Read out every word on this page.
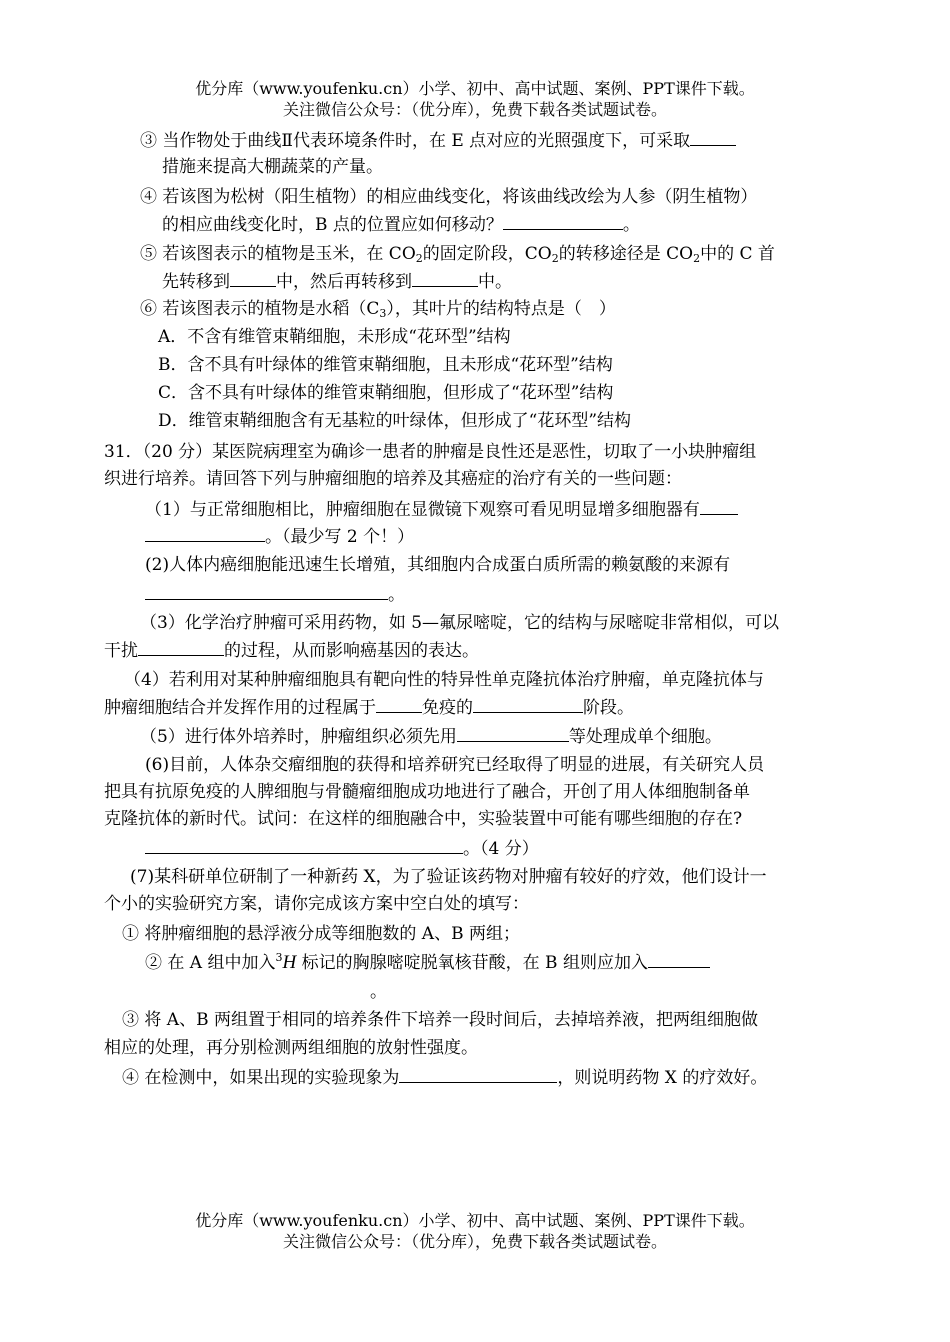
优分库（www.youfenku.cn）小学、初中、高中试题、案例、PPT课件下载。
关注微信公众号：（优分库），免费下载各类试题试卷。
③ 当作物处于曲线Ⅱ代表环境条件时，在 E 点对应的光照强度下，可采取
措施来提高大棚蔬菜的产量。
④ 若该图为松树（阳生植物）的相应曲线变化，将该曲线改绘为人参（阴生植物）
的相应曲线变化时，B 点的位置应如何移动？	。
⑤ 若该图表示的植物是玉米，在 $CO_2$的固定阶段，$CO_2$的转移途径是 $CO_2$中的 C 首
先转移到	中，然后再转移到	中。
⑥ 若该图表示的植物是水稻$(C_3)$，其叶片的结构特点是（　）
A．不含有维管束鞘细胞，未形成“花环型”结构
B．含不具有叶绿体的维管束鞘细胞，且未形成“花环型”结构
C．含不具有叶绿体的维管束鞘细胞，但形成了“花环型”结构
D．维管束鞘细胞含有无基粒的叶绿体，但形成了“花环型”结构
31．（20 分）某医院病理室为确诊一患者的肿瘤是良性还是恶性，切取了一小块肿瘤组
织进行培养。请回答下列与肿瘤细胞的培养及其癌症的治疗有关的一些问题：
（1）与正常细胞相比，肿瘤细胞在显微镜下观察可看见明显增多细胞器有
。（最少写 2 个！）
(2)人体内癌细胞能迅速生长增殖，其细胞内合成蛋白质所需的赖氨酸的来源有
。
（3）化学治疗肿瘤可采用药物，如 5—氟尿嘧啶，它的结构与尿嘧啶非常相似，可以
干扰	的过程，从而影响癌基因的表达。
（4）若利用对某种肿瘤细胞具有靶向性的特异性单克隆抗体治疗肿瘤，单克隆抗体与
肿瘤细胞结合并发挥作用的过程属于	免疫的	阶段。
（5）进行体外培养时，肿瘤组织必须先用	等处理成单个细胞。
(6)目前，人体杂交瘤细胞的获得和培养研究已经取得了明显的进展，有关研究人员
把具有抗原免疫的人脾细胞与骨髓瘤细胞成功地进行了融合，开创了用人体细胞制备单
克隆抗体的新时代。试问：在这样的细胞融合中，实验装置中可能有哪些细胞的存在?
。（4 分）
(7)某科研单位研制了一种新药 X，为了验证该药物对肿瘤有较好的疗效，他们设计一
个小的实验研究方案，请你完成该方案中空白处的填写：
① 将肿瘤细胞的悬浮液分成等细胞数的 A、B 两组；
② 在 A 组中加入$^3$H 标记的胸腺嘧啶脱氧核苷酸，在 B 组则应加入
。
③ 将 A、B 两组置于相同的培养条件下培养一段时间后，去掉培养液，把两组细胞做
相应的处理，再分别检测两组细胞的放射性强度。
④ 在检测中，如果出现的实验现象为	，则说明药物 X 的疗效好。
优分库（www.youfenku.cn）小学、初中、高中试题、案例、PPT课件下载。
关注微信公众号：（优分库），免费下载各类试题试卷。
